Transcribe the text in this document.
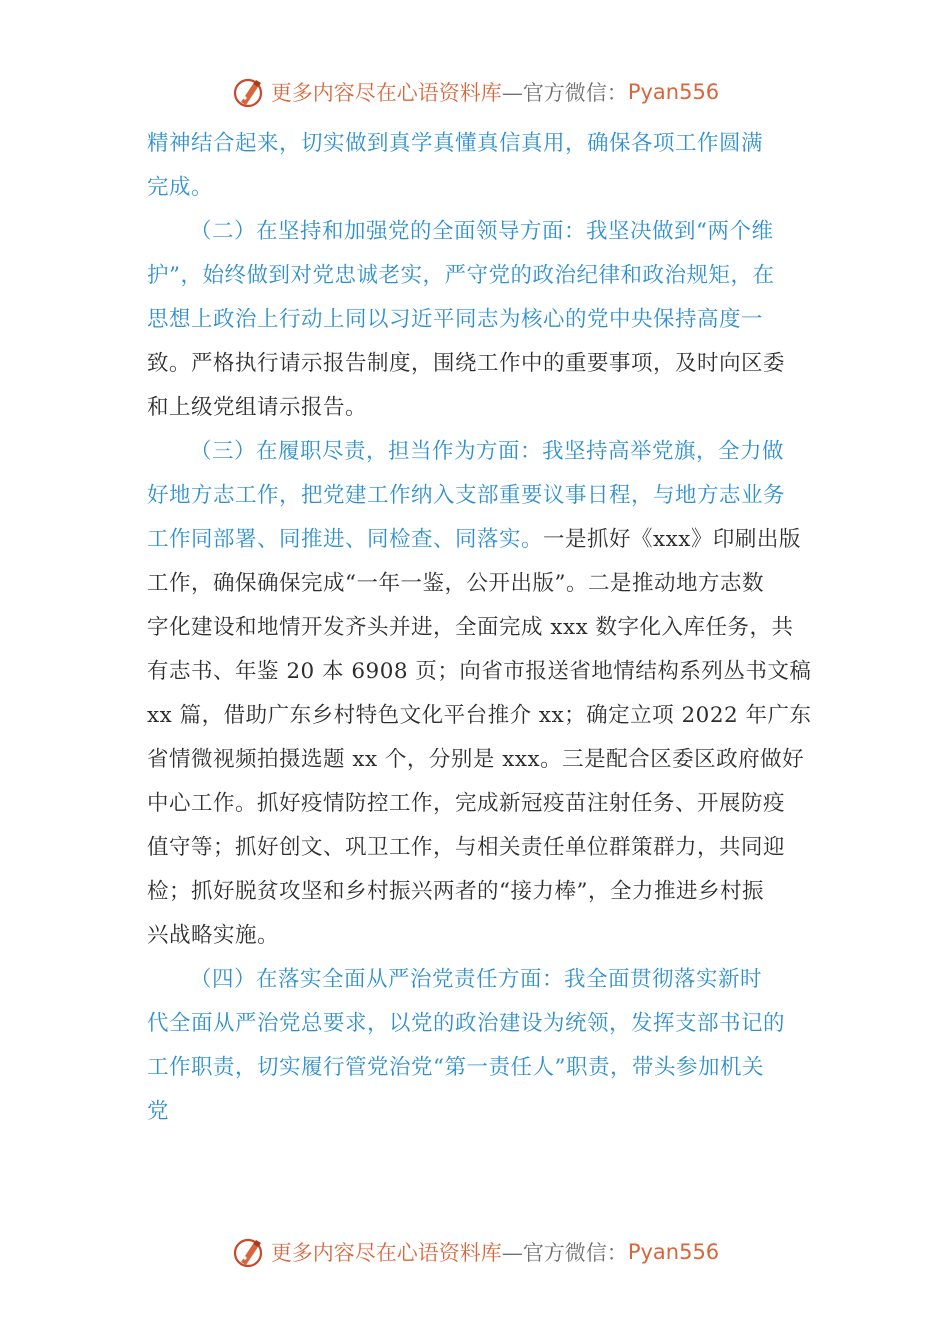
更多内容尽在心语资料库 —官方微信： Pyan556

精神结合起来，切实做到真学真懂真信真用，确保各项工作圆满
完成。

（二）在坚持和加强党的全面领导方面：我坚决做到“两个维
护”，始终做到对党忠诚老实，严守党的政治纪律和政治规矩，在
思想上政治上行动上同以习近平同志为核心的党中央保持高度一
致。严格执行请示报告制度，围绕工作中的重要事项，及时向区委
和上级党组请示报告。

（三）在履职尽责，担当作为方面：我坚持高举党旗，全力做
好地方志工作，把党建工作纳入支部重要议事日程，与地方志业务
工作同部署、同推进、同检查、同落实。一是抓好《xxx》印刷出版
工作，确保确保完成“一年一鉴，公开出版”。二是推动地方志数
字化建设和地情开发齐头并进，全面完成 xxx 数字化入库任务，共
有志书、年鉴 20 本 6908 页；向省市报送省地情结构系列丛书文稿
xx 篇，借助广东乡村特色文化平台推介 xx；确定立项 2022 年广东
省情微视频拍摄选题 xx 个，分别是 xxx。三是配合区委区政府做好
中心工作。抓好疫情防控工作，完成新冠疫苗注射任务、开展防疫
值守等；抓好创文、巩卫工作，与相关责任单位群策群力，共同迎
检；抓好脱贫攻坚和乡村振兴两者的“接力棒”，全力推进乡村振
兴战略实施。

（四）在落实全面从严治党责任方面：我全面贯彻落实新时
代全面从严治党总要求，以党的政治建设为统领，发挥支部书记的
工作职责，切实履行管党治党“第一责任人”职责，带头参加机关
党

更多内容尽在心语资料库 —官方微信： Pyan556
